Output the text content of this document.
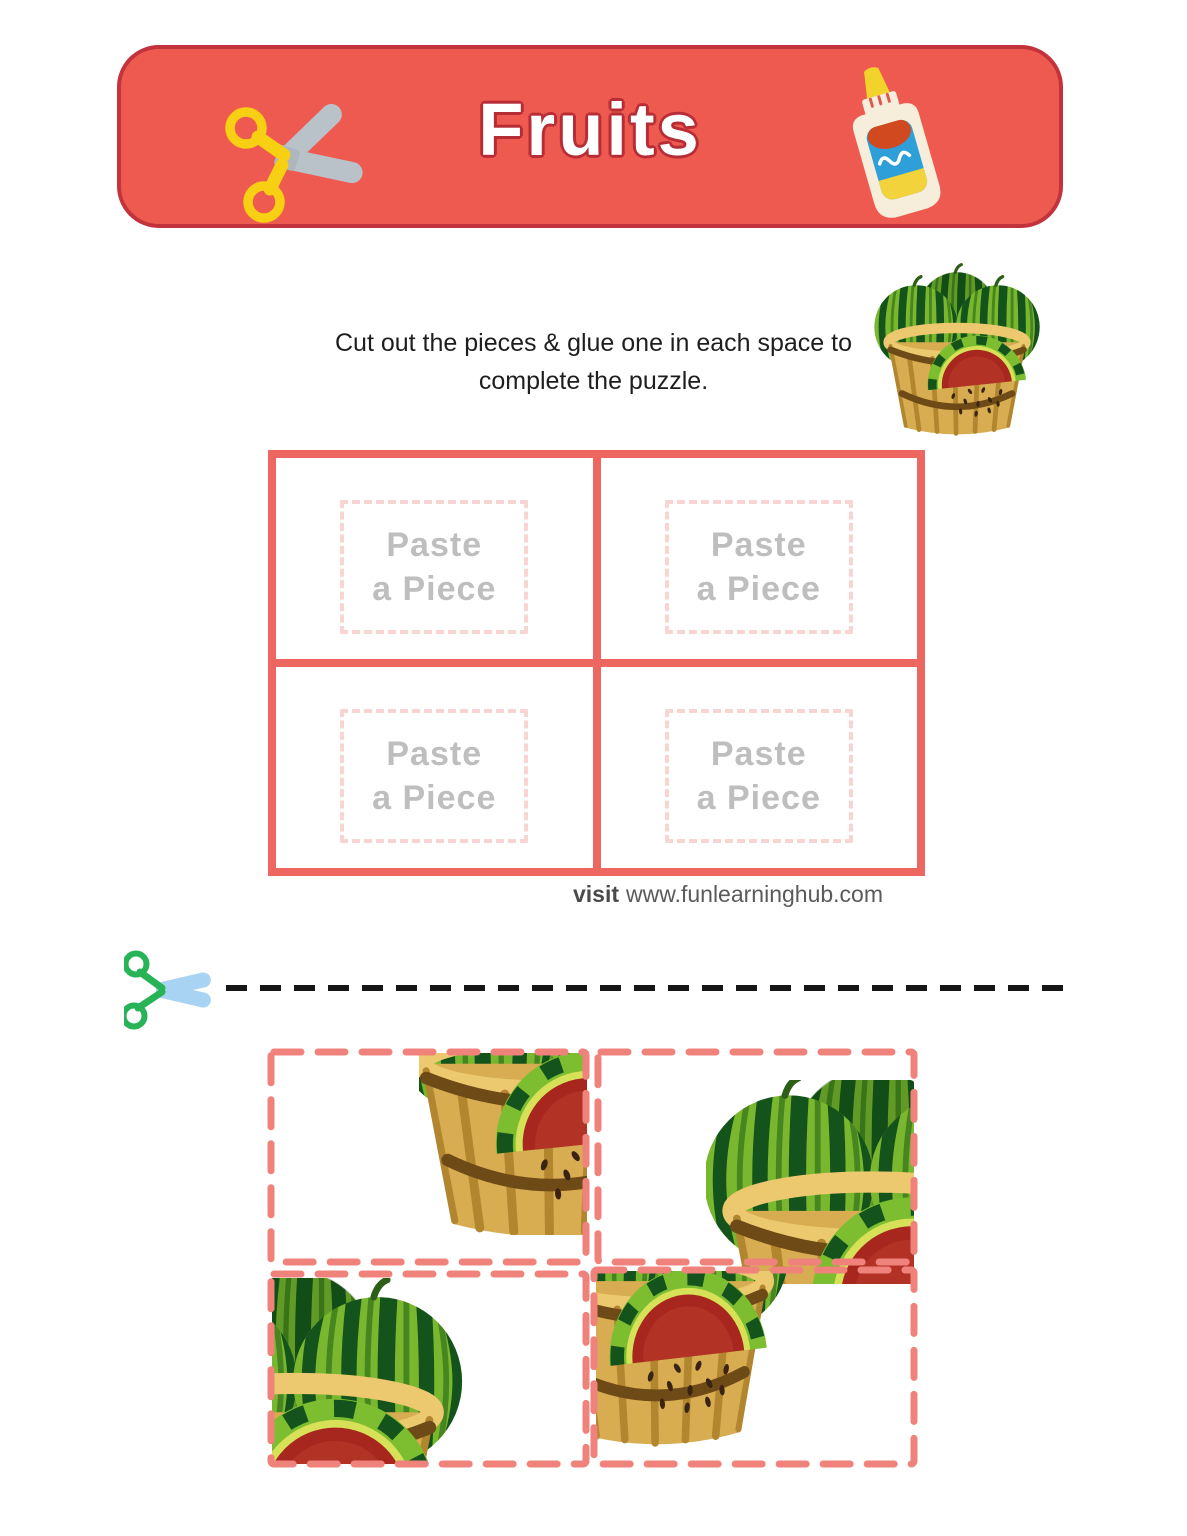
Fruits
Cut out the pieces & glue one in each space to
complete the puzzle.
Paste
a Piece
Paste
a Piece
Paste
a Piece
Paste
a Piece
visit www.funlearninghub.com
